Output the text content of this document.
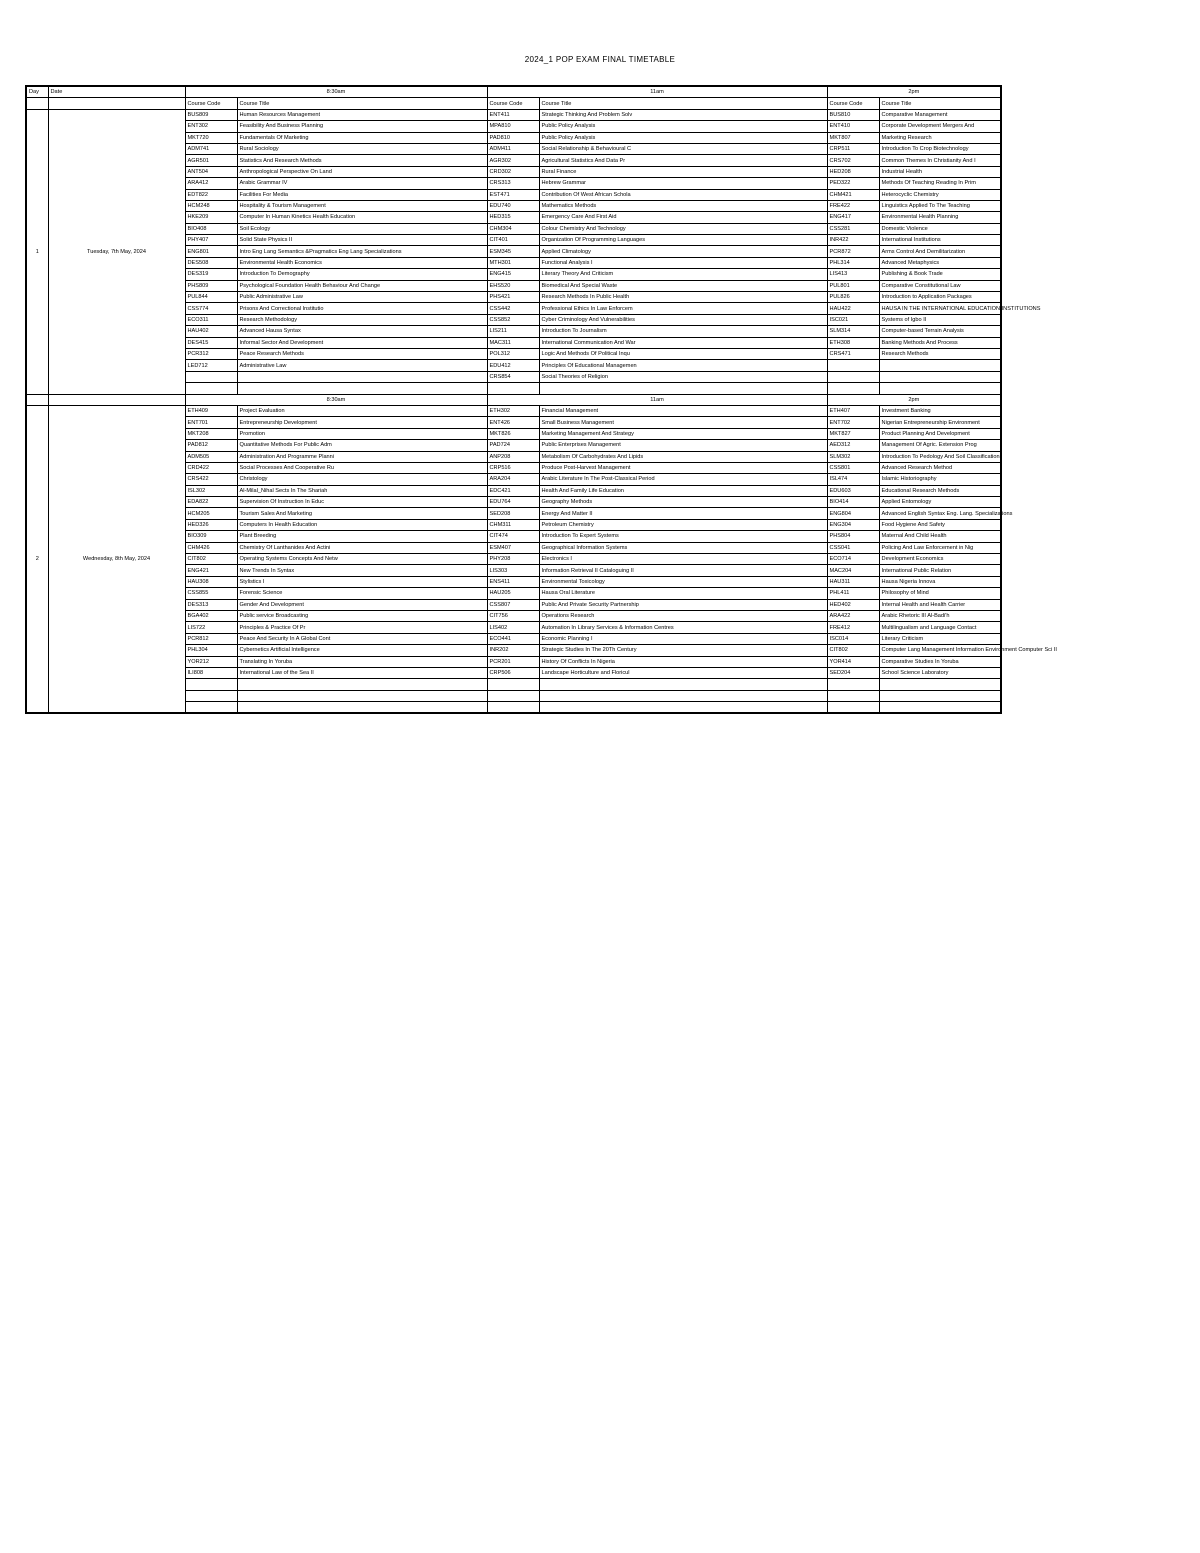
2024_1 POP EXAM FINAL TIMETABLE
Day	Date	8:30am		11am		2pm	
		Course Code	Course Title	Course Code	Course Title	Course Code	Course Title
1	Tuesday, 7th May, 2024	BUS809	Human Resources Management	ENT411	Strategic Thinking And Problem Solv	BUS810	Comparative Management
		ENT302	Feasibility And Business Planning	MPA810	Public Policy Analysis	ENT410	Corporate Development Mergers And
		MKT720	Fundamentals Of Marketing	PAD810	Public Policy Analysis	MKT807	Marketing Research
		ADM741	Rural Sociology	ADM411	Social Relationship & Behavioural C	CRP511	Introduction To Crop Biotechnology
		AGR501	Statistics And Research Methods	AGR302	Agricultural Statistics And Data Pr	CRS702	Common Themes In Christianity And I
		ANT504	Anthropological Perspective On Land	CRD302	Rural Finance	HED208	Industrial Health
		ARA412	Arabic Grammar IV	CRS313	Hebrew Grammar	PED322	Methods Of Teaching Reading In Prim
		EDT822	Facilities For Media	EST471	Contribution Of West African Schola	CHM421	Heterocyclic Chemistry
		HCM248	Hospitality & Tourism Management	EDU740	Mathematics Methods	FRE422	Linguistics Applied To The Teaching
		HKE209	Computer In Human Kinetics Health Education	HED315	Emergency Care And First Aid	ENG417	Environmental Health Planning
		BIO408	Soil Ecology	CHM304	Colour Chemistry And Technology	CSS281	Domestic Violence
		PHY407	Solid State Physics II	CIT401	Organization Of Programming Languages	INR422	International Institutions
		ENG801	Intro Eng Lang Semantics &Pragmatics Eng Lang Specializations	ESM345	Applied Climatology	PCR872	Arms Control And Demilitarization
		DES508	Environmental Health Economics	MTH301	Functional Analysis I	PHL314	Advanced Metaphysics
		DES319	Introduction To Demography	ENG415	Literary Theory And Criticism	LIS413	Publishing & Book Trade
		PHS809	Psychological Foundation Health Behaviour And Change	EHS520	Biomedical And Special Waste	PUL801	Comparative Constitutional Law
		PUL844	Public Administrative Law	PHS421	Research Methods In Public Health	PUL826	Introduction to Application Packages
		CSS774	Prisons And Correctional Institutio	CSS442	Professional Ethics In Law Enforcem	HAU422	HAUSA IN THE INTERNATIONAL EDUCATION INSTITUTIONS
		ECO311	Research Methodology	CSS852	Cyber Criminology And Vulnerabilities	ISC021	Systems of Igbo II
		HAU402	Advanced Hausa Syntax	LIS211	Introduction To Journalism	SLM314	Computer-based Terrain Analysis
		DES415	Informal Sector And Development	MAC311	International Communication And War	ETH308	Banking Methods And Process
		PCR312	Peace Research Methods	POL312	Logic And Methods Of Political Inqu	CRS471	Research Methods
		LED712	Administrative Law	EDU412	Principles Of Educational Managemen		
				CRS854	Social Theories of Religion		

		8:30am		11am		2pm	
2	Wednesday, 8th May, 2024	ETH409	Project Evaluation	ETH302	Financial Management	ETH407	Investment Banking
		ENT701	Entrepreneurship Development	ENT426	Small Business Management	ENT702	Nigerian Entrepreneurship Environment
		MKT208	Promotion	MKT826	Marketing Management And Strategy	MKT827	Product Planning And Development
		PAD812	Quantitative Methods For Public Adm	PAD724	Public Enterprises Management	AED312	Management Of Agric. Extension Prog
		ADM505	Administration And Programme Planni	ANP208	Metabolism Of Carbohydrates And Lipids	SLM302	Introduction To Pedology And Soil Classification
		CRD422	Social Processes And Cooperative Ru	CRP516	Produce Post-Harvest Management	CSS801	Advanced Research Method
		CRS422	Christology	ARA204	Arabic Literature In The Post-Classical Period	ISL474	Islamic Historiography
		ISL302	Al-Milal_Nihal Sects In The Shariah	EDC421	Health And Family Life Education	EDU603	Educational Research Methods
		EDA822	Supervision Of Instruction In Educ	EDU764	Geography Methods	BIO414	Applied Entomology
		HCM205	Tourism Sales And Marketing	SED208	Energy And Matter II	ENG804	Advanced English Syntax Eng. Lang. Specializations
		HED326	Computers In Health Education	CHM311	Petroleum Chemistry	ENG304	Food Hygiene And Safety
		BIO309	Plant Breeding	CIT474	Introduction To Expert Systems	PHS804	Maternal And Child Health
		CHM426	Chemistry Of Lanthanides And Actini	ESM407	Geographical Information Systems	CSS041	Policing And Law Enforcement in Nig
		CIT802	Operating Systems Concepts And Netw	PHY208	Electronics I	ECO714	Development Economics
		ENG421	New Trends In Syntax	LIS303	Information Retrieval II Cataloguing II	MAC204	International Public Relation
		HAU308	Stylistics I	ENS411	Environmental Toxicology	HAU311	Hausa Nigeria Innova
		CSS855	Forensic Science	HAU205	Hausa Oral Literature	PHL411	Philosophy of Mind
		DES313	Gender And Development	CSS807	Public And Private Security Partnership	HED402	Internal Health and Health Carrier
		BGA402	Public service Broadcasting	CIT756	Operations Research	ARA422	Arabic Rhetoric III Al-Badi'h
		LIS722	Principles & Practice Of Pr	LIS402	Automation In Library Services & Information Centres	FRE412	Multilingualism and Language Contact
		PCR812	Peace And Security In A Global Cont	ECO441	Economic Planning I	ISC014	Literary Criticism
		PHL304	Cybernetics Artificial Intelligence	INR202	Strategic Studies In The 20Th Century	CIT802	Computer Lang Management Information Environment Computer Sci II
		YOR212	Translating In Yoruba	PCR201	History Of Conflicts In Nigeria	YOR414	Comparative Studies In Yoruba
		ILI808	International Law of the Sea II	CRP506	Landscape Horticulture and Floricul	SED204	School Science Laboratory
